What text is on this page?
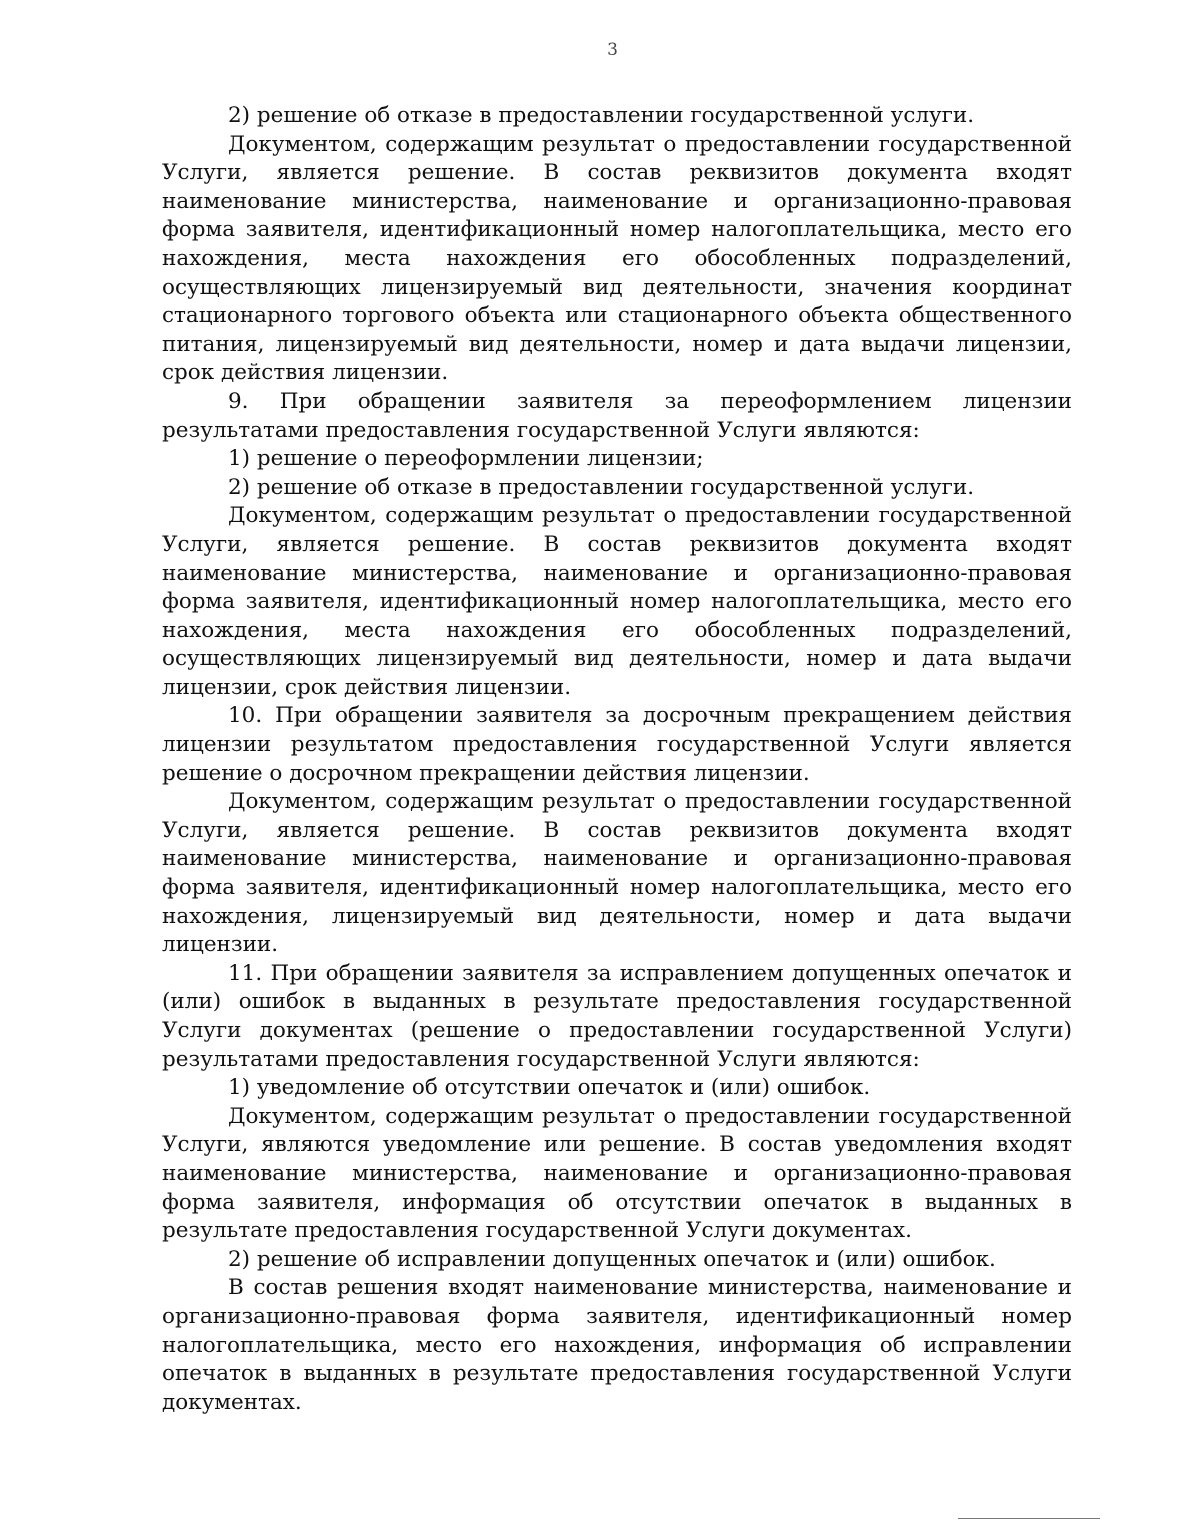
3

2) решение об отказе в предоставлении государственной услуги.

Документом, содержащим результат о предоставлении государственной Услуги, является решение. В состав реквизитов документа входят наименование министерства, наименование и организационно-правовая форма заявителя, идентификационный номер налогоплательщика, место его нахождения, места нахождения его обособленных подразделений, осуществляющих лицензируемый вид деятельности, значения координат стационарного торгового объекта или стационарного объекта общественного питания, лицензируемый вид деятельности, номер и дата выдачи лицензии, срок действия лицензии.

9. При обращении заявителя за переоформлением лицензии результатами предоставления государственной Услуги являются:

1) решение о переоформлении лицензии;

2) решение об отказе в предоставлении государственной услуги.

Документом, содержащим результат о предоставлении государственной Услуги, является решение. В состав реквизитов документа входят наименование министерства, наименование и организационно-правовая форма заявителя, идентификационный номер налогоплательщика, место его нахождения, места нахождения его обособленных подразделений, осуществляющих лицензируемый вид деятельности, номер и дата выдачи лицензии, срок действия лицензии.

10. При обращении заявителя за досрочным прекращением действия лицензии результатом предоставления государственной Услуги является решение о досрочном прекращении действия лицензии.

Документом, содержащим результат о предоставлении государственной Услуги, является решение. В состав реквизитов документа входят наименование министерства, наименование и организационно-правовая форма заявителя, идентификационный номер налогоплательщика, место его нахождения, лицензируемый вид деятельности, номер и дата выдачи лицензии.

11. При обращении заявителя за исправлением допущенных опечаток и (или) ошибок в выданных в результате предоставления государственной Услуги документах (решение о предоставлении государственной Услуги) результатами предоставления государственной Услуги являются:

1) уведомление об отсутствии опечаток и (или) ошибок.

Документом, содержащим результат о предоставлении государственной Услуги, являются уведомление или решение. В состав уведомления входят наименование министерства, наименование и организационно-правовая форма заявителя, информация об отсутствии опечаток в выданных в результате предоставления государственной Услуги документах.

2) решение об исправлении допущенных опечаток и (или) ошибок.

В состав решения входят наименование министерства, наименование и организационно-правовая форма заявителя, идентификационный номер налогоплательщика, место его нахождения, информация об исправлении опечаток в выданных в результате предоставления государственной Услуги документах.
